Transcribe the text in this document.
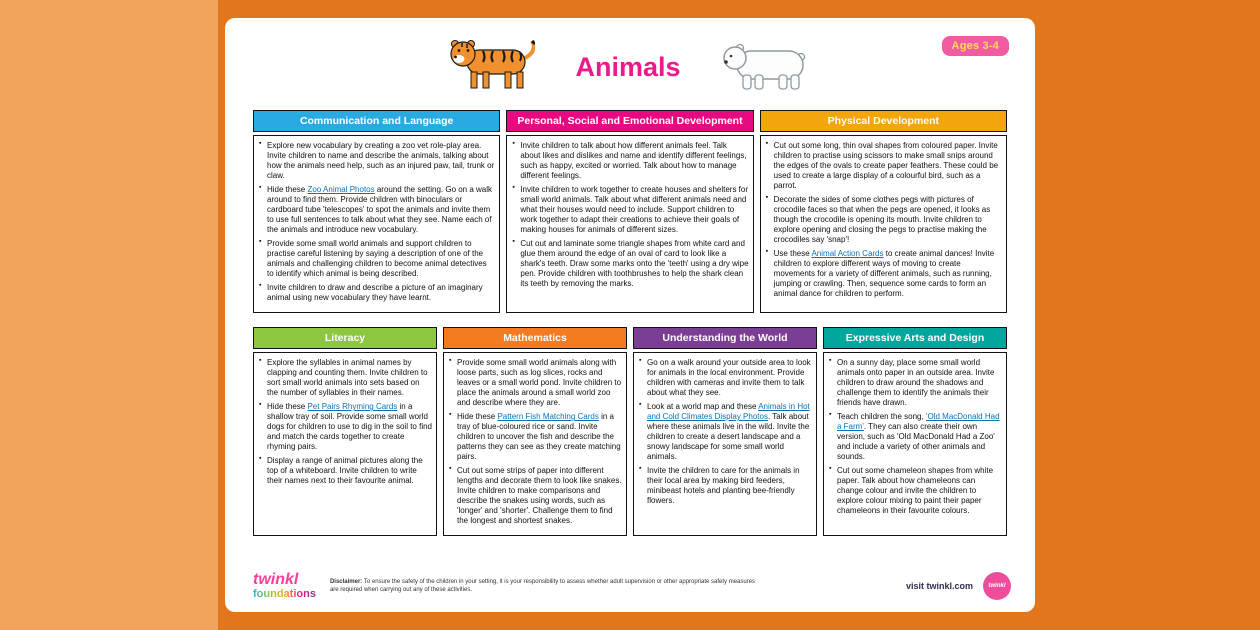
Ages 3-4
Animals
Communication and Language
▪ Explore new vocabulary by creating a zoo vet role-play area. Invite children to name and describe the animals, talking about how the animals need help, such as an injured paw, tail, trunk or claw.
▪ Hide these Zoo Animal Photos around the setting. Go on a walk around to find them. Provide children with binoculars or cardboard tube 'telescopes' to spot the animals and invite them to use full sentences to talk about what they see. Name each of the animals and introduce new vocabulary.
▪ Provide some small world animals and support children to practise careful listening by saying a description of one of the animals and challenging children to become animal detectives to identify which animal is being described.
▪ Invite children to draw and describe a picture of an imaginary animal using new vocabulary they have learnt.
Personal, Social and Emotional Development
▪ Invite children to talk about how different animals feel. Talk about likes and dislikes and name and identify different feelings, such as happy, excited or worried. Talk about how to manage different feelings.
▪ Invite children to work together to create houses and shelters for small world animals. Talk about what different animals need and what their houses would need to include. Support children to work together to adapt their creations to achieve their goals of making houses for animals of different sizes.
▪ Cut out and laminate some triangle shapes from white card and glue them around the edge of an oval of card to look like a shark's teeth. Draw some marks onto the 'teeth' using a dry wipe pen. Provide children with toothbrushes to help the shark clean its teeth by removing the marks.
Physical Development
▪ Cut out some long, thin oval shapes from coloured paper. Invite children to practise using scissors to make small snips around the edges of the ovals to create paper feathers. These could be used to create a large display of a colourful bird, such as a parrot.
▪ Decorate the sides of some clothes pegs with pictures of crocodile faces so that when the pegs are opened, it looks as though the crocodile is opening its mouth. Invite children to explore opening and closing the pegs to practise making the crocodiles say 'snap'!
▪ Use these Animal Action Cards to create animal dances! Invite children to explore different ways of moving to create movements for a variety of different animals, such as running, jumping or crawling. Then, sequence some cards to form an animal dance for children to perform.
Literacy
▪ Explore the syllables in animal names by clapping and counting them. Invite children to sort small world animals into sets based on the number of syllables in their names.
▪ Hide these Pet Pairs Rhyming Cards in a shallow tray of soil. Provide some small world dogs for children to use to dig in the soil to find and match the cards together to create rhyming pairs.
▪ Display a range of animal pictures along the top of a whiteboard. Invite children to write their names next to their favourite animal.
Mathematics
▪ Provide some small world animals along with loose parts, such as log slices, rocks and leaves or a small world pond. Invite children to place the animals around a small world zoo and describe where they are.
▪ Hide these Pattern Fish Matching Cards in a tray of blue-coloured rice or sand. Invite children to uncover the fish and describe the patterns they can see as they create matching pairs.
▪ Cut out some strips of paper into different lengths and decorate them to look like snakes. Invite children to make comparisons and describe the snakes using words, such as 'longer' and 'shorter'. Challenge them to find the longest and shortest snakes.
Understanding the World
▪ Go on a walk around your outside area to look for animals in the local environment. Provide children with cameras and invite them to talk about what they see.
▪ Look at a world map and these Animals in Hot and Cold Climates Display Photos. Talk about where these animals live in the wild. Invite the children to create a desert landscape and a snowy landscape for some small world animals.
▪ Invite the children to care for the animals in their local area by making bird feeders, minibeast hotels and planting bee-friendly flowers.
Expressive Arts and Design
▪ On a sunny day, place some small world animals onto paper in an outside area. Invite children to draw around the shadows and challenge them to identify the animals their friends have drawn.
▪ Teach children the song, 'Old MacDonald Had a Farm'. They can also create their own version, such as 'Old MacDonald Had a Zoo' and include a variety of other animals and sounds.
▪ Cut out some chameleon shapes from white paper. Talk about how chameleons can change colour and invite the children to explore colour mixing to paint their paper chameleons in their favourite colours.
twinkl
foundations
Disclaimer: To ensure the safety of the children in your setting, it is your responsibility to assess whether adult supervision or other appropriate safety measures are required when carrying out any of these activities.	visit twinkl.com	twinkl
